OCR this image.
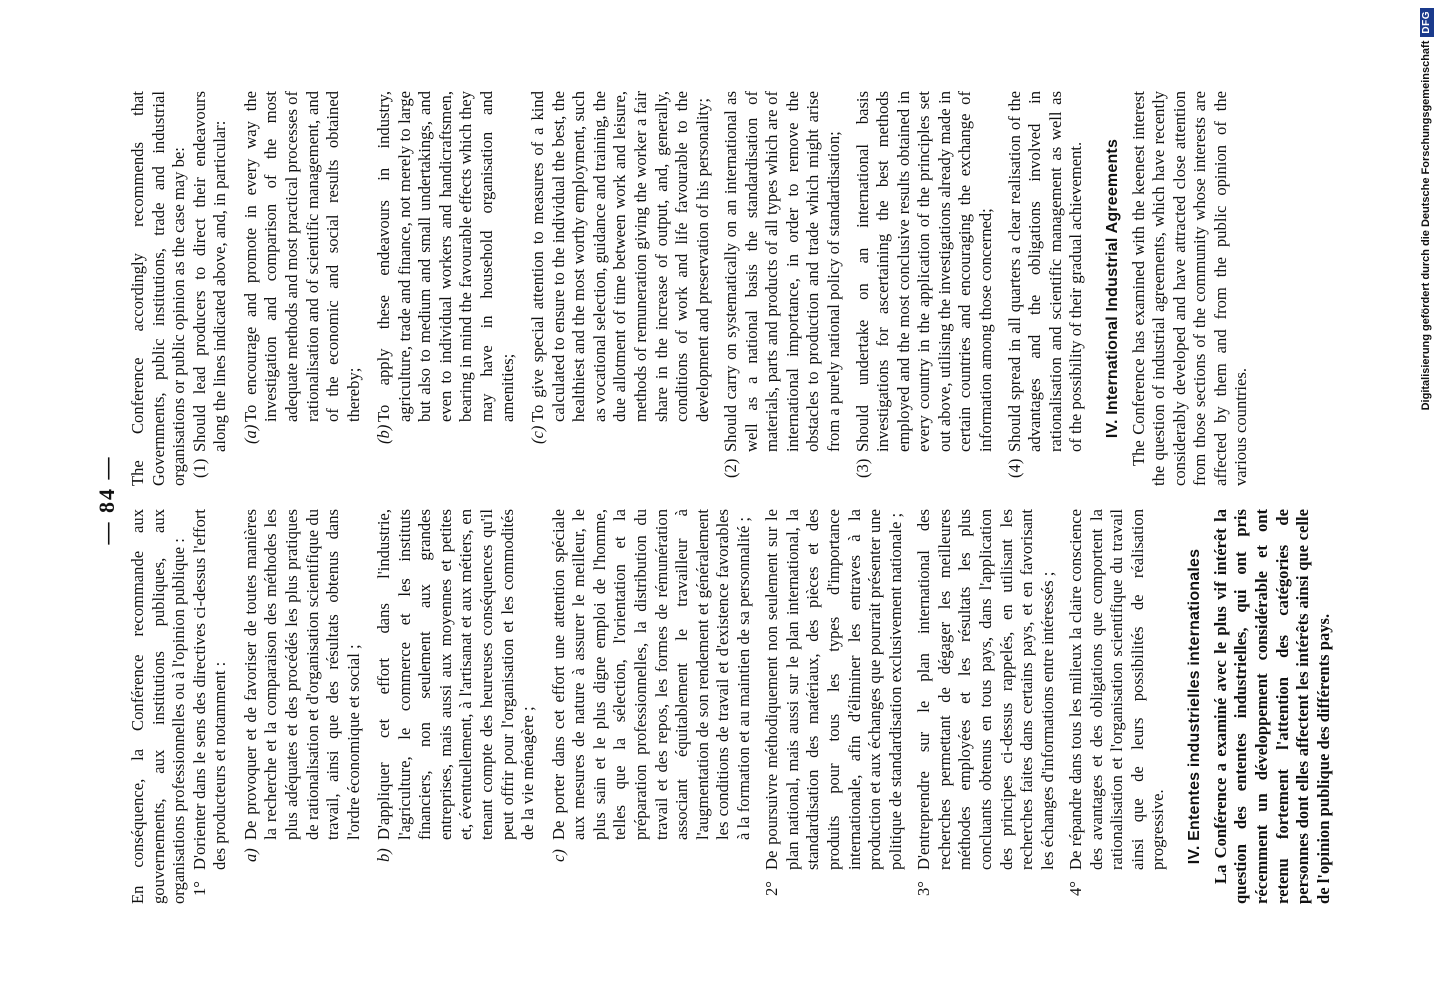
— 84 —

En conséquence, la Conférence recommande aux gouvernements, aux institutions publiques, aux organisations professionnelles ou à l'opinion publique : 1°
D'orienter dans le sens des directives ci-dessus l'effort des producteurs et notamment : a)
De provoquer et de favoriser de toutes manières la recherche et la comparaison des méthodes les plus adéquates et des procédés les plus pratiques de rationalisation et d'organisation scientifique du travail, ainsi que des résultats obtenus dans l'ordre économique et social ;
b)
D'appliquer cet effort dans l'industrie, l'agriculture, le commerce et les instituts financiers, non seulement aux grandes entreprises, mais aussi aux moyennes et petites et, éventuellement, à l'artisanat et aux métiers, en tenant compte des heureuses conséquences qu'il peut offrir pour l'organisation et les commodités de la vie ménagère ;
c)
De porter dans cet effort une attention spéciale aux mesures de nature à assurer le meilleur, le plus sain et le plus digne emploi de l'homme, telles que la sélection, l'orientation et la préparation professionnelles, la distribution du travail et des repos, les formes de rémunération associant équitablement le travailleur à l'augmentation de son rendement et généralement les conditions de travail et d'existence favorables à la formation et au maintien de sa personnalité ;
2°
De poursuivre méthodiquement non seulement sur le plan national, mais aussi sur le plan international, la standardisation des matériaux, des pièces et des produits pour tous les types d'importance internationale, afin d'éliminer les entraves à la production et aux échanges que pourrait présenter une politique de standardisation exclusivement nationale ;
3°
D'entreprendre sur le plan international des recherches permettant de dégager les meilleures méthodes employées et les résultats les plus concluants obtenus en tous pays, dans l'application des principes ci-dessus rappelés, en utilisant les recherches faites dans certains pays, et en favorisant les échanges d'informations entre intéressés ;
4°
De répandre dans tous les milieux la claire conscience des avantages et des obligations que comportent la rationalisation et l'organisation scientifique du travail ainsi que de leurs possibilités de réalisation progressive. IV. Ententes industrielles internationales La Conférence a examiné avec le plus vif intérêt la question des ententes industrielles, qui ont pris récemment un développement considérable et ont retenu fortement l'attention des catégories de personnes dont elles affectent les intérêts ainsi que celle de l'opinion publique des différents pays.

The Conference accordingly recommends that Governments, public institutions, trade and industrial organisations or public opinion as the case may be: (1)
Should lead producers to direct their endeavours along the lines indicated above, and, in particular: (a)
To encourage and promote in every way the investigation and comparison of the most adequate methods and most practical processes of rationalisation and of scientific management, and of the economic and social results obtained thereby;
(b)
To apply these endeavours in industry, agriculture, trade and finance, not merely to large but also to medium and small undertakings, and even to individual workers and handicraftsmen, bearing in mind the favourable effects which they may have in household organisation and amenities;
(c)
To give special attention to measures of a kind calculated to ensure to the individual the best, the healthiest and the most worthy employment, such as vocational selection, guidance and training, the due allotment of time between work and leisure, methods of remuneration giving the worker a fair share in the increase of output, and, generally, conditions of work and life favourable to the development and preservation of his personality;
(2)
Should carry on systematically on an international as well as a national basis the standardisation of materials, parts and products of all types which are of international importance, in order to remove the obstacles to production and trade which might arise from a purely national policy of standardisation;
(3)
Should undertake on an international basis investigations for ascertaining the best methods employed and the most conclusive results obtained in every country in the application of the principles set out above, utilising the investigations already made in certain countries and encouraging the exchange of information among those concerned;
(4)
Should spread in all quarters a clear realisation of the advantages and the obligations involved in rationalisation and scientific management as well as of the possibility of their gradual achievement. IV. International Industrial Agreements The Conference has examined with the keenest interest the question of industrial agreements, which have recently considerably developed and have attracted close attention from those sections of the community whose interests are affected by them and from the public opinion of the various countries.

Digitalisierung gefördert durch die Deutsche ForschungsgemeinschaftDFG
